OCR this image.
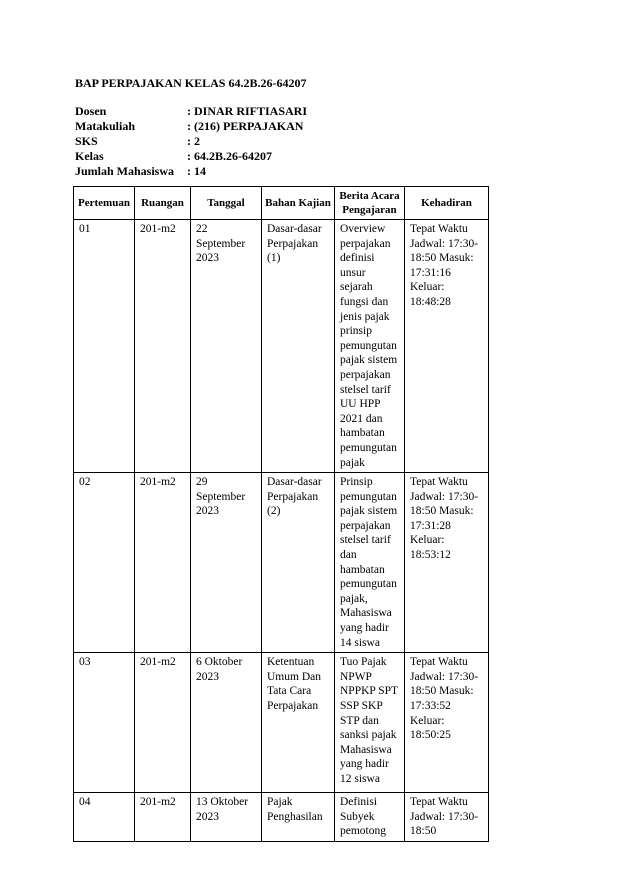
BAP PERPAJAKAN KELAS 64.2B.26-64207
Dosen	: DINAR RIFTIASARI
Matakuliah	: (216) PERPAJAKAN
SKS	: 2
Kelas	: 64.2B.26-64207
Jumlah Mahasiswa	: 14
Pertemuan	Ruangan	Tanggal	Bahan Kajian	Berita Acara Pengajaran	Kehadiran
01	201-m2	22 September 2023	Dasar-dasar Perpajakan (1)	Overview perpajakan definisi unsur sejarah fungsi dan jenis pajak prinsip pemungutan pajak sistem perpajakan stelsel tarif UU HPP 2021 dan hambatan pemungutan pajak	Tepat Waktu Jadwal: 17:30-18:50 Masuk: 17:31:16 Keluar: 18:48:28
02	201-m2	29 September 2023	Dasar-dasar Perpajakan (2)	Prinsip pemungutan pajak sistem perpajakan stelsel tarif dan hambatan pemungutan pajak, Mahasiswa yang hadir 14 siswa	Tepat Waktu Jadwal: 17:30-18:50 Masuk: 17:31:28 Keluar: 18:53:12
03	201-m2	6 Oktober 2023	Ketentuan Umum Dan Tata Cara Perpajakan	Tuo Pajak NPWP NPPKP SPT SSP SKP STP dan sanksi pajak Mahasiswa yang hadir 12 siswa	Tepat Waktu Jadwal: 17:30-18:50 Masuk: 17:33:52 Keluar: 18:50:25
04	201-m2	13 Oktober 2023	Pajak Penghasilan	Definisi Subyek pemotong	Tepat Waktu Jadwal: 17:30-18:50
